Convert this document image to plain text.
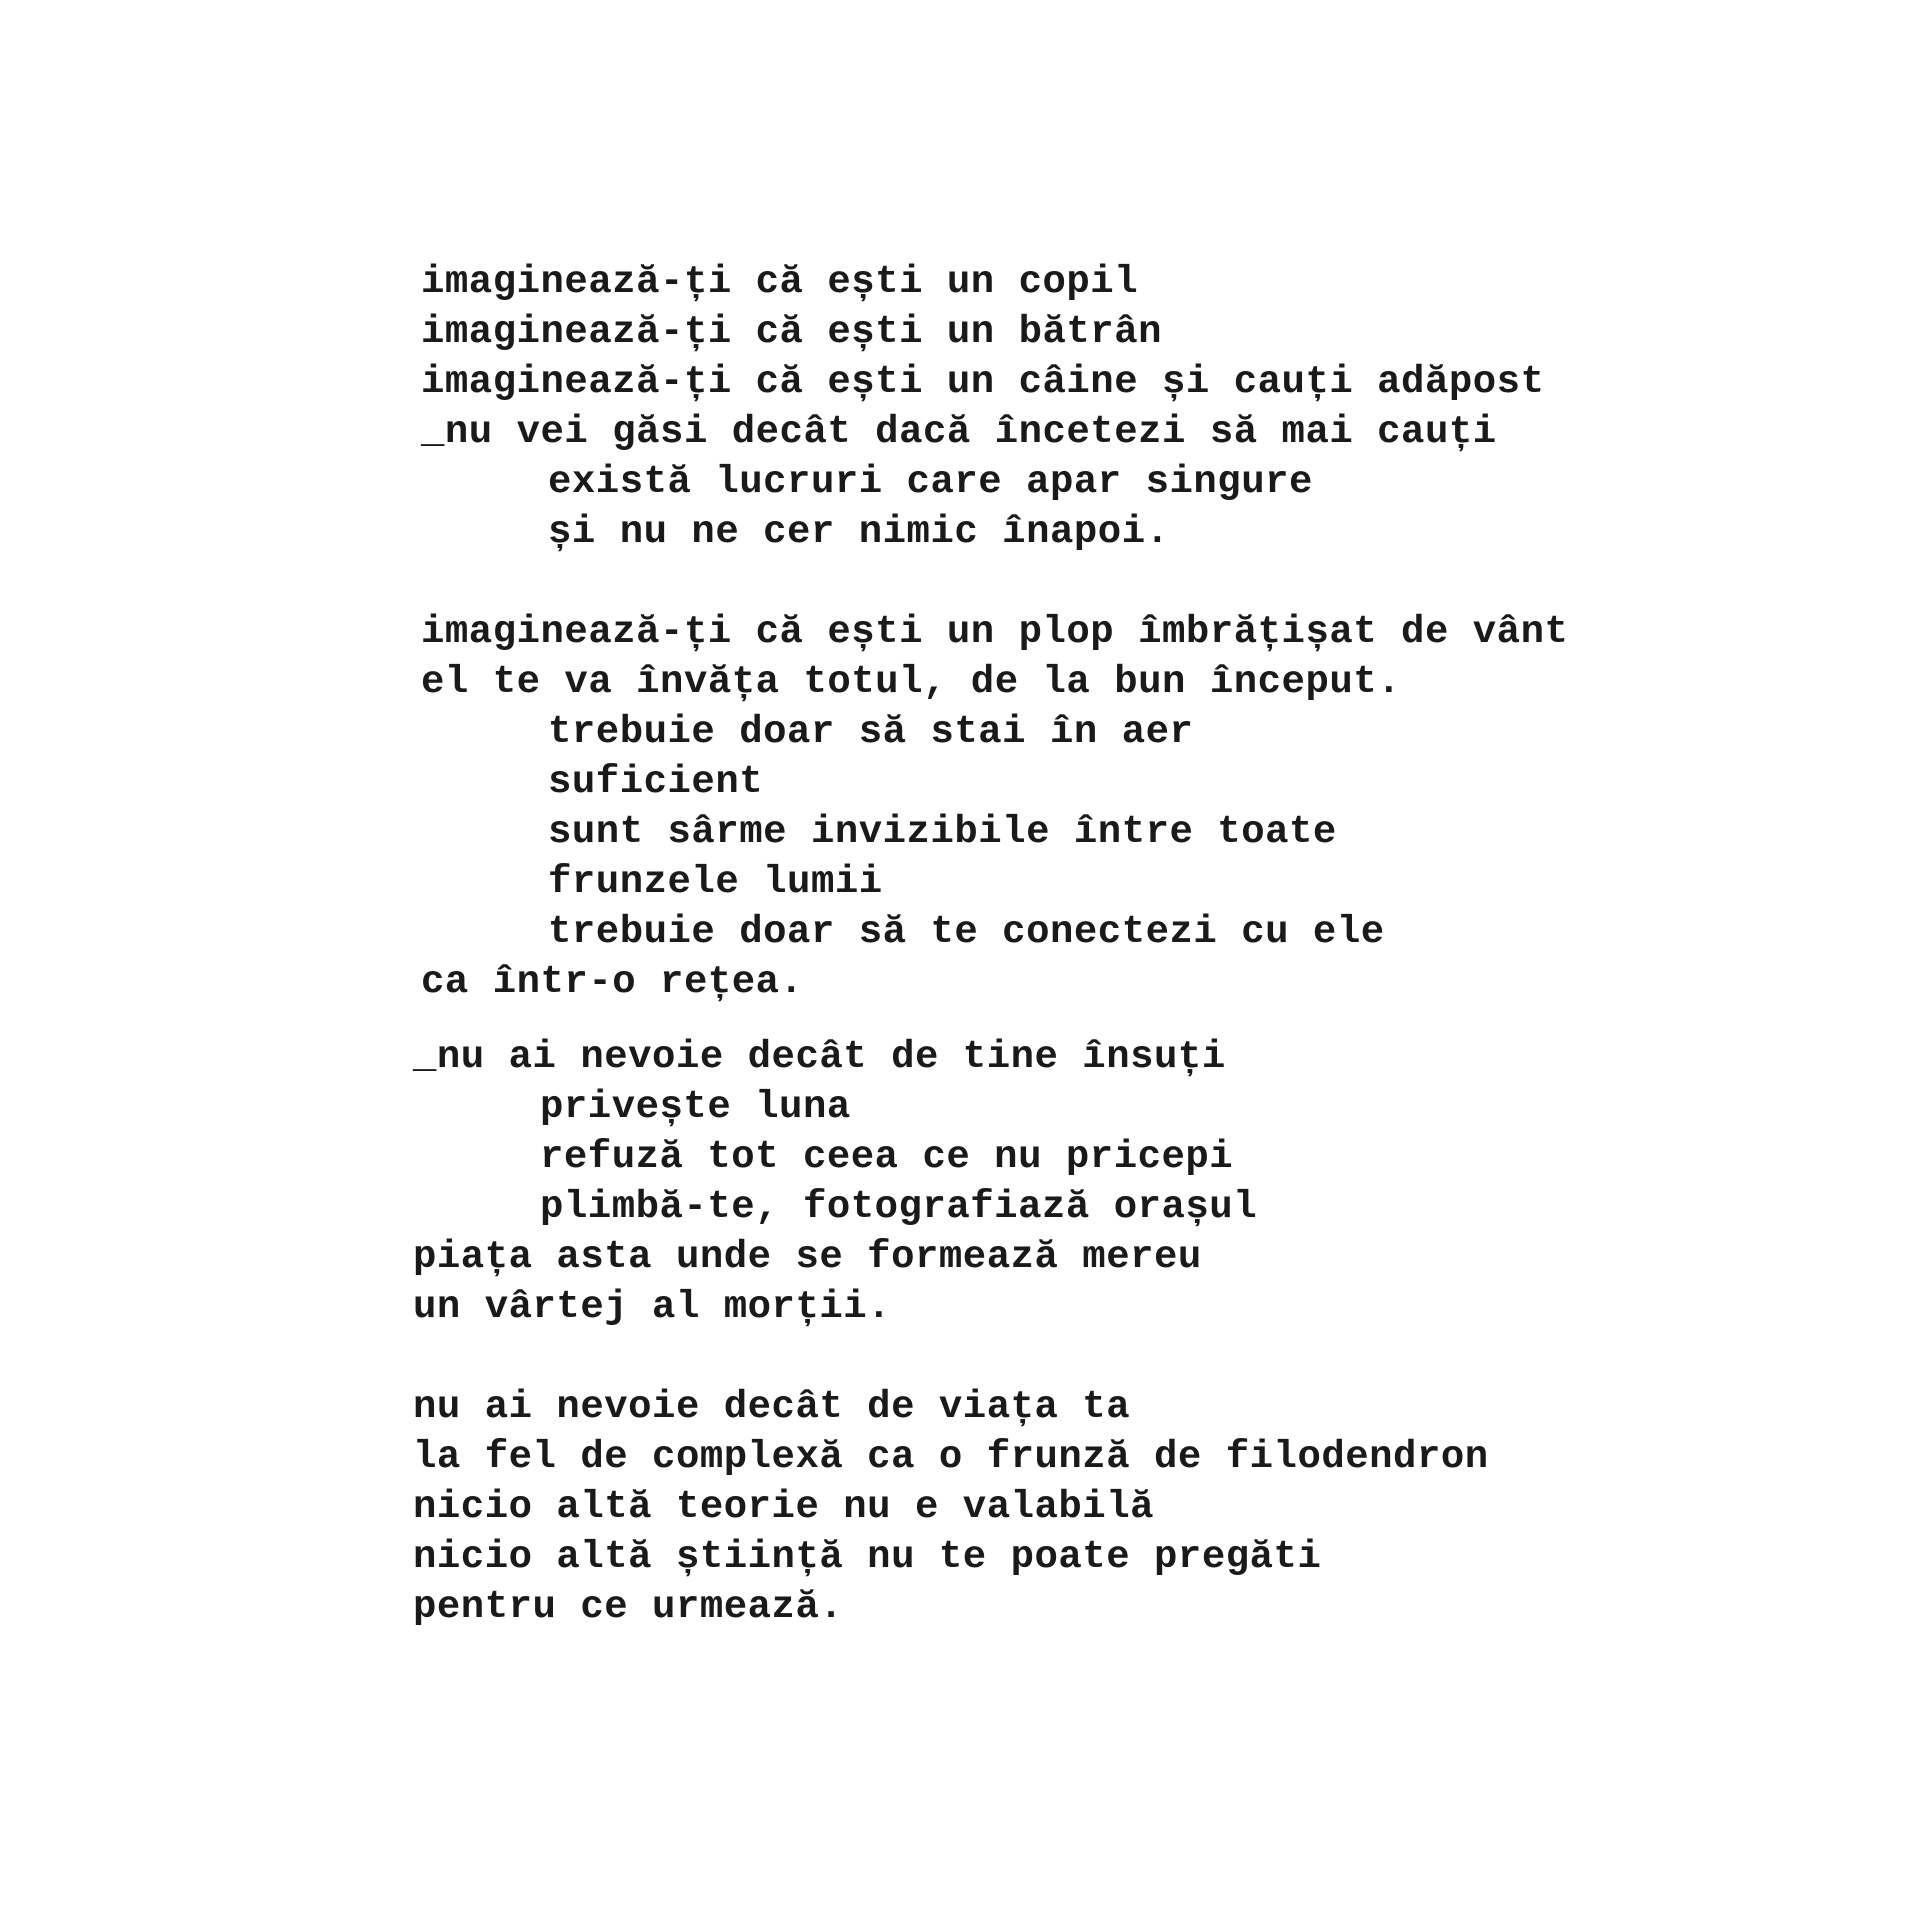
imaginează-ți că ești un copil

imaginează-ți că ești un bătrân

imaginează-ți că ești un câine și cauți adăpost

_nu vei găsi decât dacă încetezi să mai cauți

există lucruri care apar singure

și nu ne cer nimic înapoi.

imaginează-ți că ești un plop îmbrățișat de vânt

el te va învăța totul, de la bun început.

trebuie doar să stai în aer

suficient

sunt sârme invizibile între toate

frunzele lumii

trebuie doar să te conectezi cu ele

ca într-o rețea.

_nu ai nevoie decât de tine însuți

privește luna

refuză tot ceea ce nu pricepi

plimbă-te, fotografiază orașul

piața asta unde se formează mereu

un vârtej al morții.

nu ai nevoie decât de viața ta

la fel de complexă ca o frunză de filodendron

nicio altă teorie nu e valabilă

nicio altă știință nu te poate pregăti

pentru ce urmează.
